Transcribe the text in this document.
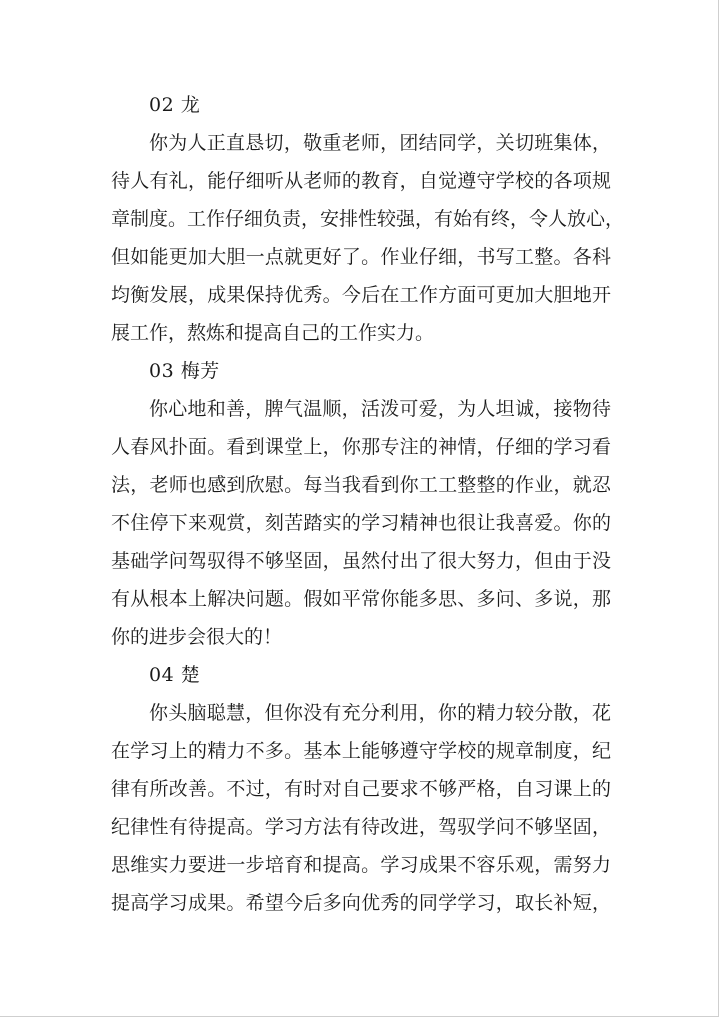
02 龙

你为人正直恳切，敬重老师，团结同学，关切班集体，
待人有礼，能仔细听从老师的教育，自觉遵守学校的各项规
章制度。工作仔细负责，安排性较强，有始有终，令人放心，
但如能更加大胆一点就更好了。作业仔细，书写工整。各科
均衡发展，成果保持优秀。今后在工作方面可更加大胆地开
展工作，熬炼和提高自己的工作实力。

03 梅芳

你心地和善，脾气温顺，活泼可爱，为人坦诚，接物待
人春风扑面。看到课堂上，你那专注的神情，仔细的学习看
法，老师也感到欣慰。每当我看到你工工整整的作业，就忍
不住停下来观赏，刻苦踏实的学习精神也很让我喜爱。你的
基础学问驾驭得不够坚固，虽然付出了很大努力，但由于没
有从根本上解决问题。假如平常你能多思、多问、多说，那
你的进步会很大的！

04 楚

你头脑聪慧，但你没有充分利用，你的精力较分散，花
在学习上的精力不多。基本上能够遵守学校的规章制度，纪
律有所改善。不过，有时对自己要求不够严格，自习课上的
纪律性有待提高。学习方法有待改进，驾驭学问不够坚固，
思维实力要进一步培育和提高。学习成果不容乐观，需努力
提高学习成果。希望今后多向优秀的同学学习，取长补短，
